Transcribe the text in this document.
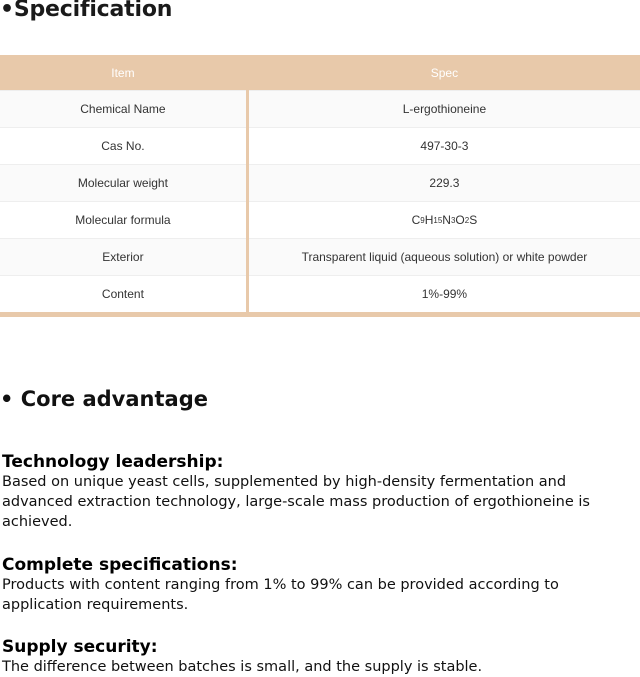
•Specification
Item	Spec
Chemical Name	L-ergothioneine
Cas No.	497-30-3
Molecular weight	229.3
Molecular formula	C 9 H 15 N 3 O 2 S
Exterior	Transparent liquid (aqueous solution) or white powder
Content	1%-99%
• Core advantage
Technology leadership:
Based on unique yeast cells, supplemented by high-density fermentation and advanced extraction technology, large-scale mass production of ergothioneine is achieved.
Complete specifications:
Products with content ranging from 1% to 99% can be provided according to application requirements.
Supply security:
The difference between batches is small, and the supply is stable.
